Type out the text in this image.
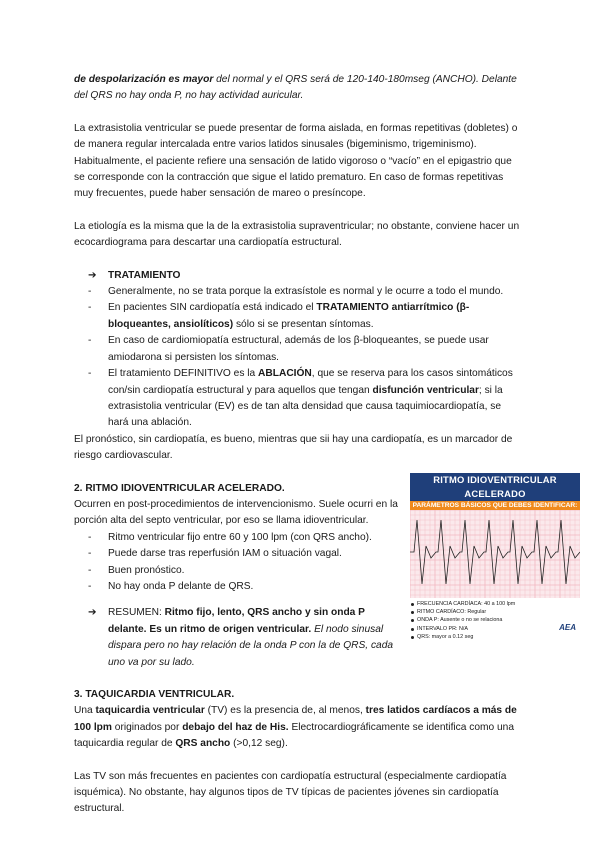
de despolarización es mayor del normal y el QRS será de 120-140-180mseg (ANCHO). Delante del QRS no hay onda P, no hay actividad auricular.

La extrasistolia ventricular se puede presentar de forma aislada, en formas repetitivas (dobletes) o de manera regular intercalada entre varios latidos sinusales (bigeminismo, trigeminismo).

Habitualmente, el paciente refiere una sensación de latido vigoroso o “vacío” en el epigastrio que se corresponde con la contracción que sigue el latido prematuro. En caso de formas repetitivas muy frecuentes, puede haber sensación de mareo o presíncope.

La etiología es la misma que la de la extrasistolia supraventricular; no obstante, conviene hacer un ecocardiograma para descartar una cardiopatía estructural.

➔ TRATAMIENTO
- Generalmente, no se trata porque la extrasístole es normal y le ocurre a todo el mundo.
- En pacientes SIN cardiopatía está indicado el TRATAMIENTO antiarrítmico (β-bloqueantes, ansiolíticos) sólo si se presentan síntomas.
- En caso de cardiomiopatía estructural, además de los β-bloqueantes, se puede usar amiodarona si persisten los síntomas.
- El tratamiento DEFINITIVO es la ABLACIÓN, que se reserva para los casos sintomáticos con/sin cardiopatía estructural y para aquellos que tengan disfunción ventricular; si la extrasistolia ventricular (EV) es de tan alta densidad que causa taquimiocardiopatía, se hará una ablación.

El pronóstico, sin cardiopatía, es bueno, mientras que sii hay una cardiopatía, es un marcador de riesgo cardiovascular.

2. RITMO IDIOVENTRICULAR ACELERADO.

Ocurren en post-procedimientos de intervencionismo. Suele ocurri en la porción alta del septo ventricular, por eso se llama idioventricular.

- Ritmo ventricular fijo entre 60 y 100 lpm (con QRS ancho).
- Puede darse tras reperfusión IAM o situación vagal.
- Buen pronóstico.
- No hay onda P delante de QRS.
➔ RESUMEN: Ritmo fijo, lento, QRS ancho y sin onda P delante. Es un ritmo de origen ventricular. El nodo sinusal dispara pero no hay relación de la onda P con la de QRS, cada uno va por su lado.
RITMO IDIOVENTRICULAR ACELERADO
PARÁMETROS BÁSICOS QUE DEBES IDENTIFICAR:
FRECUENCIA CARDÍACA: 40 a 100 lpm
RITMO CARDÍACO: Regular
ONDA P: Ausente o no se relaciona
INTERVALO PR: N/A
QRS: mayor a 0.12 seg
AEA

3. TAQUICARDIA VENTRICULAR.

Una taquicardia ventricular (TV) es la presencia de, al menos, tres latidos cardíacos a más de 100 lpm originados por debajo del haz de His. Electrocardiográficamente se identifica como una taquicardia regular de QRS ancho (>0,12 seg).

Las TV son más frecuentes en pacientes con cardiopatía estructural (especialmente cardiopatía isquémica). No obstante, hay algunos tipos de TV típicas de pacientes jóvenes sin cardiopatía estructural.
